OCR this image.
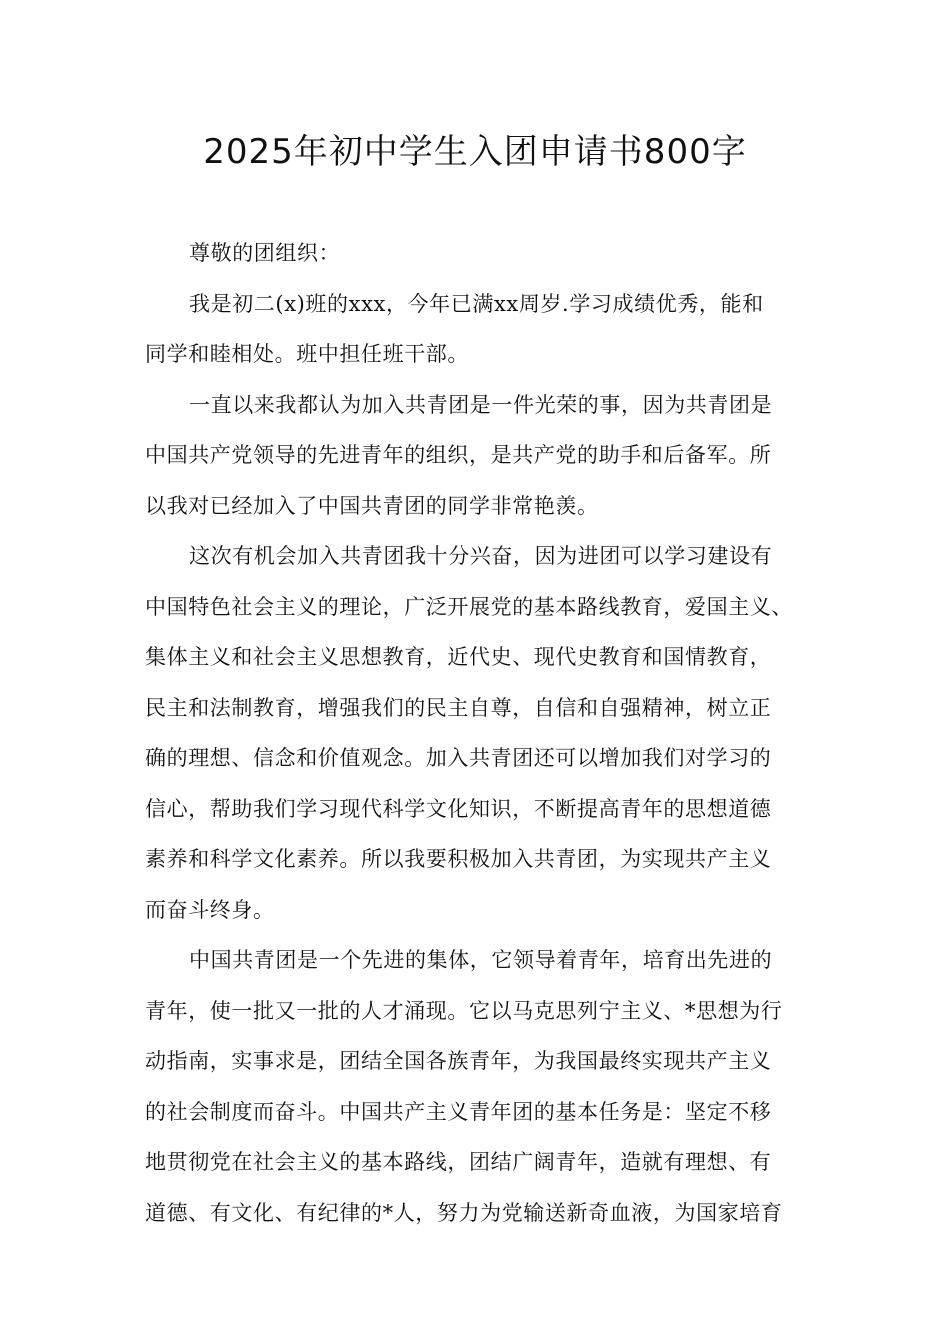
2025年初中学生入团申请书800字
尊敬的团组织：
我是初二(x)班的xxx，今年已满xx周岁.学习成绩优秀，能和
同学和睦相处。班中担任班干部。
一直以来我都认为加入共青团是一件光荣的事，因为共青团是
中国共产党领导的先进青年的组织，是共产党的助手和后备军。所
以我对已经加入了中国共青团的同学非常艳羡。
这次有机会加入共青团我十分兴奋，因为进团可以学习建设有
中国特色社会主义的理论，广泛开展党的基本路线教育，爱国主义、
集体主义和社会主义思想教育，近代史、现代史教育和国情教育，
民主和法制教育，增强我们的民主自尊，自信和自强精神，树立正
确的理想、信念和价值观念。加入共青团还可以增加我们对学习的
信心，帮助我们学习现代科学文化知识，不断提高青年的思想道德
素养和科学文化素养。所以我要积极加入共青团，为实现共产主义
而奋斗终身。
中国共青团是一个先进的集体，它领导着青年，培育出先进的
青年，使一批又一批的人才涌现。它以马克思列宁主义、*思想为行
动指南，实事求是，团结全国各族青年，为我国最终实现共产主义
的社会制度而奋斗。中国共产主义青年团的基本任务是：坚定不移
地贯彻党在社会主义的基本路线，团结广阔青年，造就有理想、有
道德、有文化、有纪律的*人，努力为党输送新奇血液，为国家培育
